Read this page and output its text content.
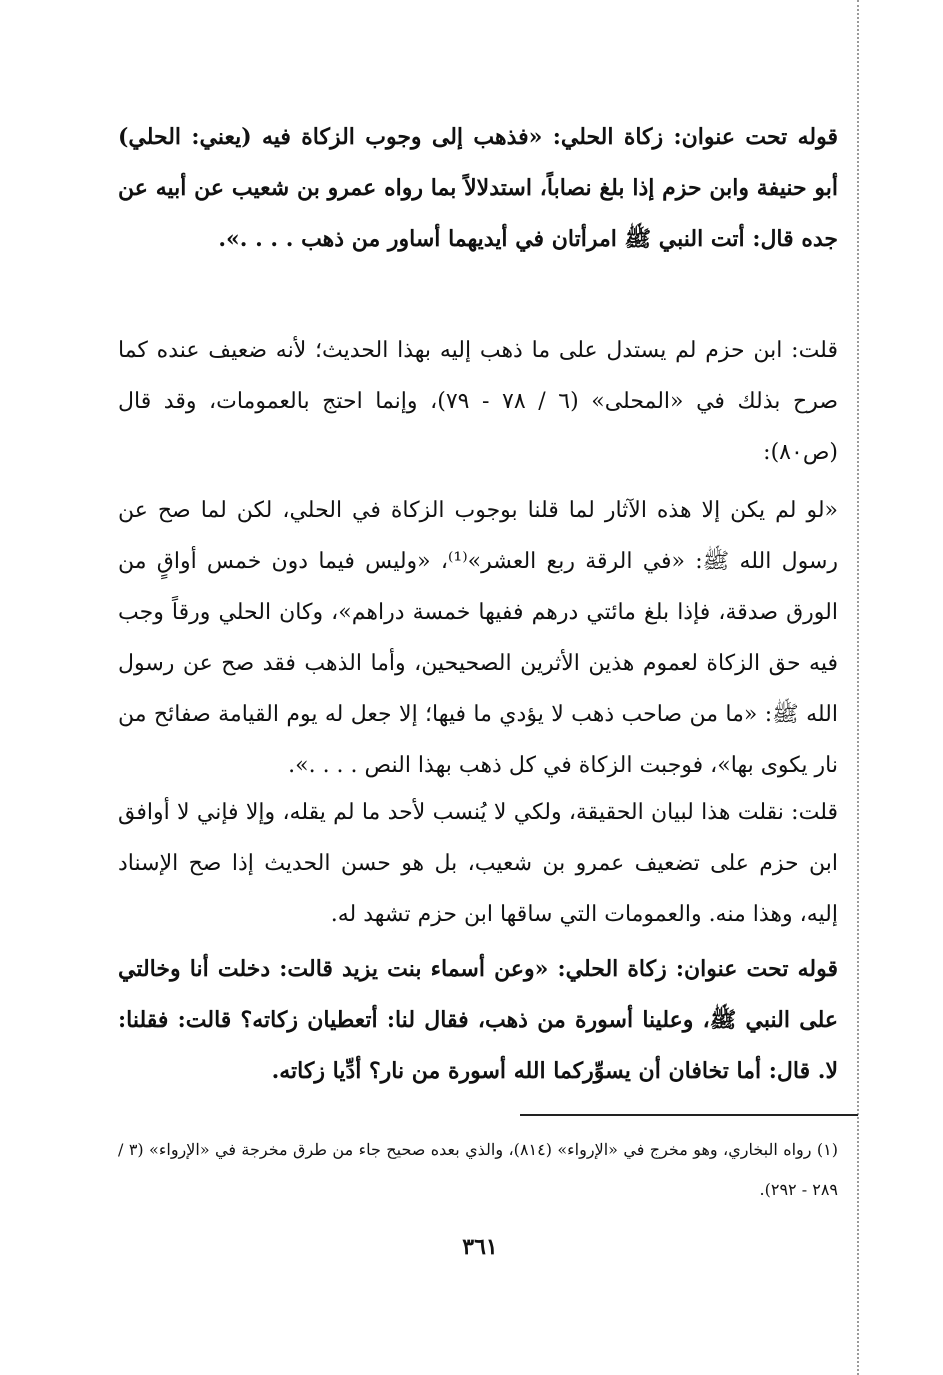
قوله تحت عنوان: زكاة الحلي: «فذهب إلى وجوب الزكاة فيه (يعني: الحلي) أبو حنيفة وابن حزم إذا بلغ نصاباً، استدلالاً بما رواه عمرو بن شعيب عن أبيه عن جده قال: أتت النبي ﷺ امرأتان في أيديهما أساور من ذهب . . . .».

قلت: ابن حزم لم يستدل على ما ذهب إليه بهذا الحديث؛ لأنه ضعيف عنده كما صرح بذلك في «المحلى» (٦ / ٧٨ - ٧٩)، وإنما احتج بالعمومات، وقد قال (ص٨٠):

«لو لم يكن إلا هذه الآثار لما قلنا بوجوب الزكاة في الحلي، لكن لما صح عن رسول الله ﷺ: «في الرقة ربع العشر»⁽¹⁾، «وليس فيما دون خمس أواقٍ من الورق صدقة، فإذا بلغ مائتي درهم ففيها خمسة دراهم»، وكان الحلي ورقاً وجب فيه حق الزكاة لعموم هذين الأثرين الصحيحين، وأما الذهب فقد صح عن رسول الله ﷺ: «ما من صاحب ذهب لا يؤدي ما فيها؛ إلا جعل له يوم القيامة صفائح من نار يكوى بها»، فوجبت الزكاة في كل ذهب بهذا النص . . . .».

قلت: نقلت هذا لبيان الحقيقة، ولكي لا يُنسب لأحد ما لم يقله، وإلا فإني لا أوافق ابن حزم على تضعيف عمرو بن شعيب، بل هو حسن الحديث إذا صح الإسناد إليه، وهذا منه. والعمومات التي ساقها ابن حزم تشهد له.

قوله تحت عنوان: زكاة الحلي: «وعن أسماء بنت يزيد قالت: دخلت أنا وخالتي على النبي ﷺ، وعلينا أسورة من ذهب، فقال لنا: أتعطيان زكاته؟ قالت: فقلنا: لا. قال: أما تخافان أن يسوِّركما الله أسورة من نار؟ أدِّيا زكاته.

(١) رواه البخاري، وهو مخرج في «الإرواء» (٨١٤)، والذي بعده صحيح جاء من طرق مخرجة في «الإرواء» (٣ / ٢٨٩ - ٢٩٢).

٣٦١
